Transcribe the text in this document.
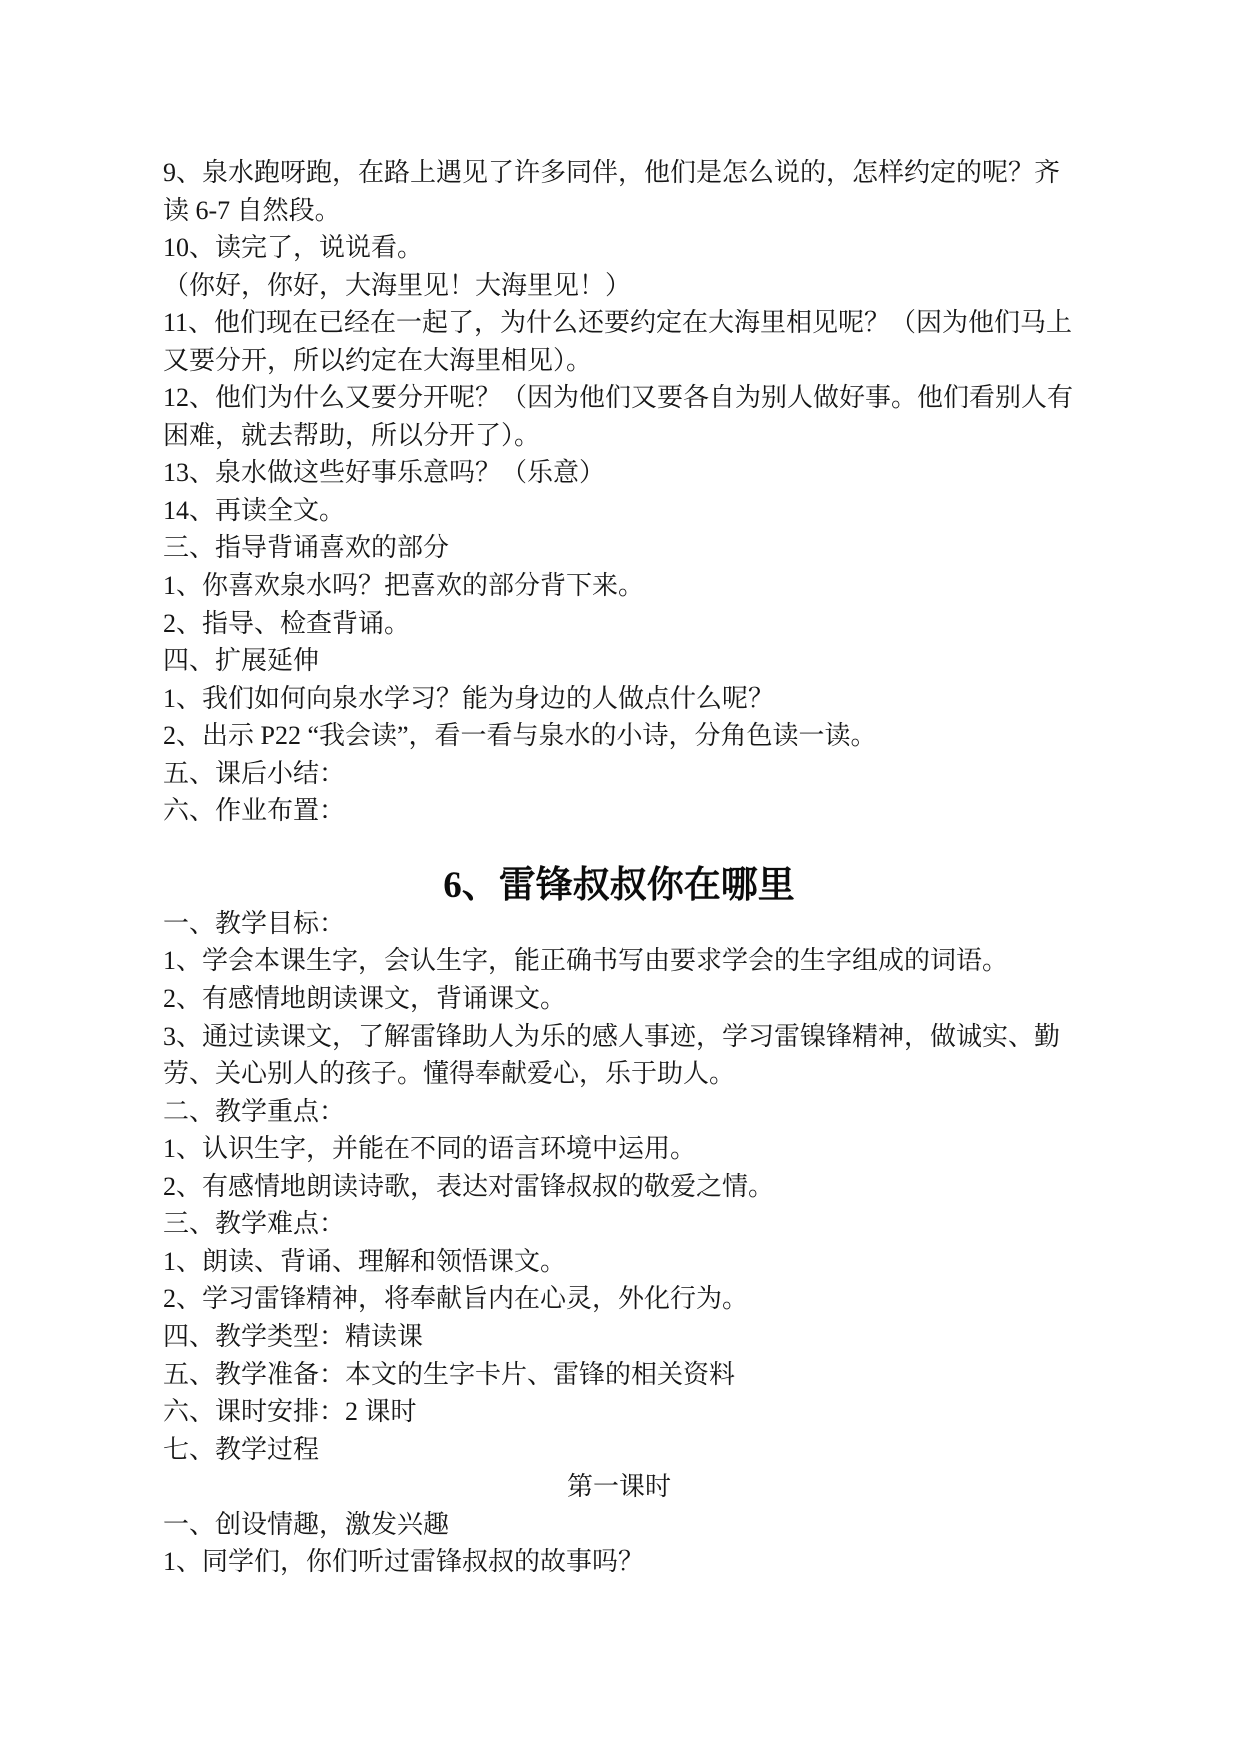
9、泉水跑呀跑，在路上遇见了许多同伴，他们是怎么说的，怎样约定的呢？齐
读 6-7 自然段。
10、读完了，说说看。
（你好，你好，大海里见！大海里见！）
11、他们现在已经在一起了，为什么还要约定在大海里相见呢？（因为他们马上
又要分开，所以约定在大海里相见）。
12、他们为什么又要分开呢？（因为他们又要各自为别人做好事。他们看别人有
困难，就去帮助，所以分开了）。
13、泉水做这些好事乐意吗？（乐意）
14、再读全文。
三、指导背诵喜欢的部分
1、你喜欢泉水吗？把喜欢的部分背下来。
2、指导、检查背诵。
四、扩展延伸
1、我们如何向泉水学习？能为身边的人做点什么呢？
2、出示 P22 “我会读”，看一看与泉水的小诗，分角色读一读。
五、课后小结：
六、作业布置：
6、雷锋叔叔你在哪里
一、教学目标：
1、学会本课生字，会认生字，能正确书写由要求学会的生字组成的词语。
2、有感情地朗读课文，背诵课文。
3、通过读课文，了解雷锋助人为乐的感人事迹，学习雷镍锋精神，做诚实、勤
劳、关心别人的孩子。懂得奉献爱心，乐于助人。
二、教学重点：
1、认识生字，并能在不同的语言环境中运用。
2、有感情地朗读诗歌，表达对雷锋叔叔的敬爱之情。
三、教学难点：
1、朗读、背诵、理解和领悟课文。
2、学习雷锋精神，将奉献旨内在心灵，外化行为。
四、教学类型：精读课
五、教学准备：本文的生字卡片、雷锋的相关资料
六、课时安排：2 课时
七、教学过程
第一课时
一、创设情趣，激发兴趣
1、同学们，你们听过雷锋叔叔的故事吗？
